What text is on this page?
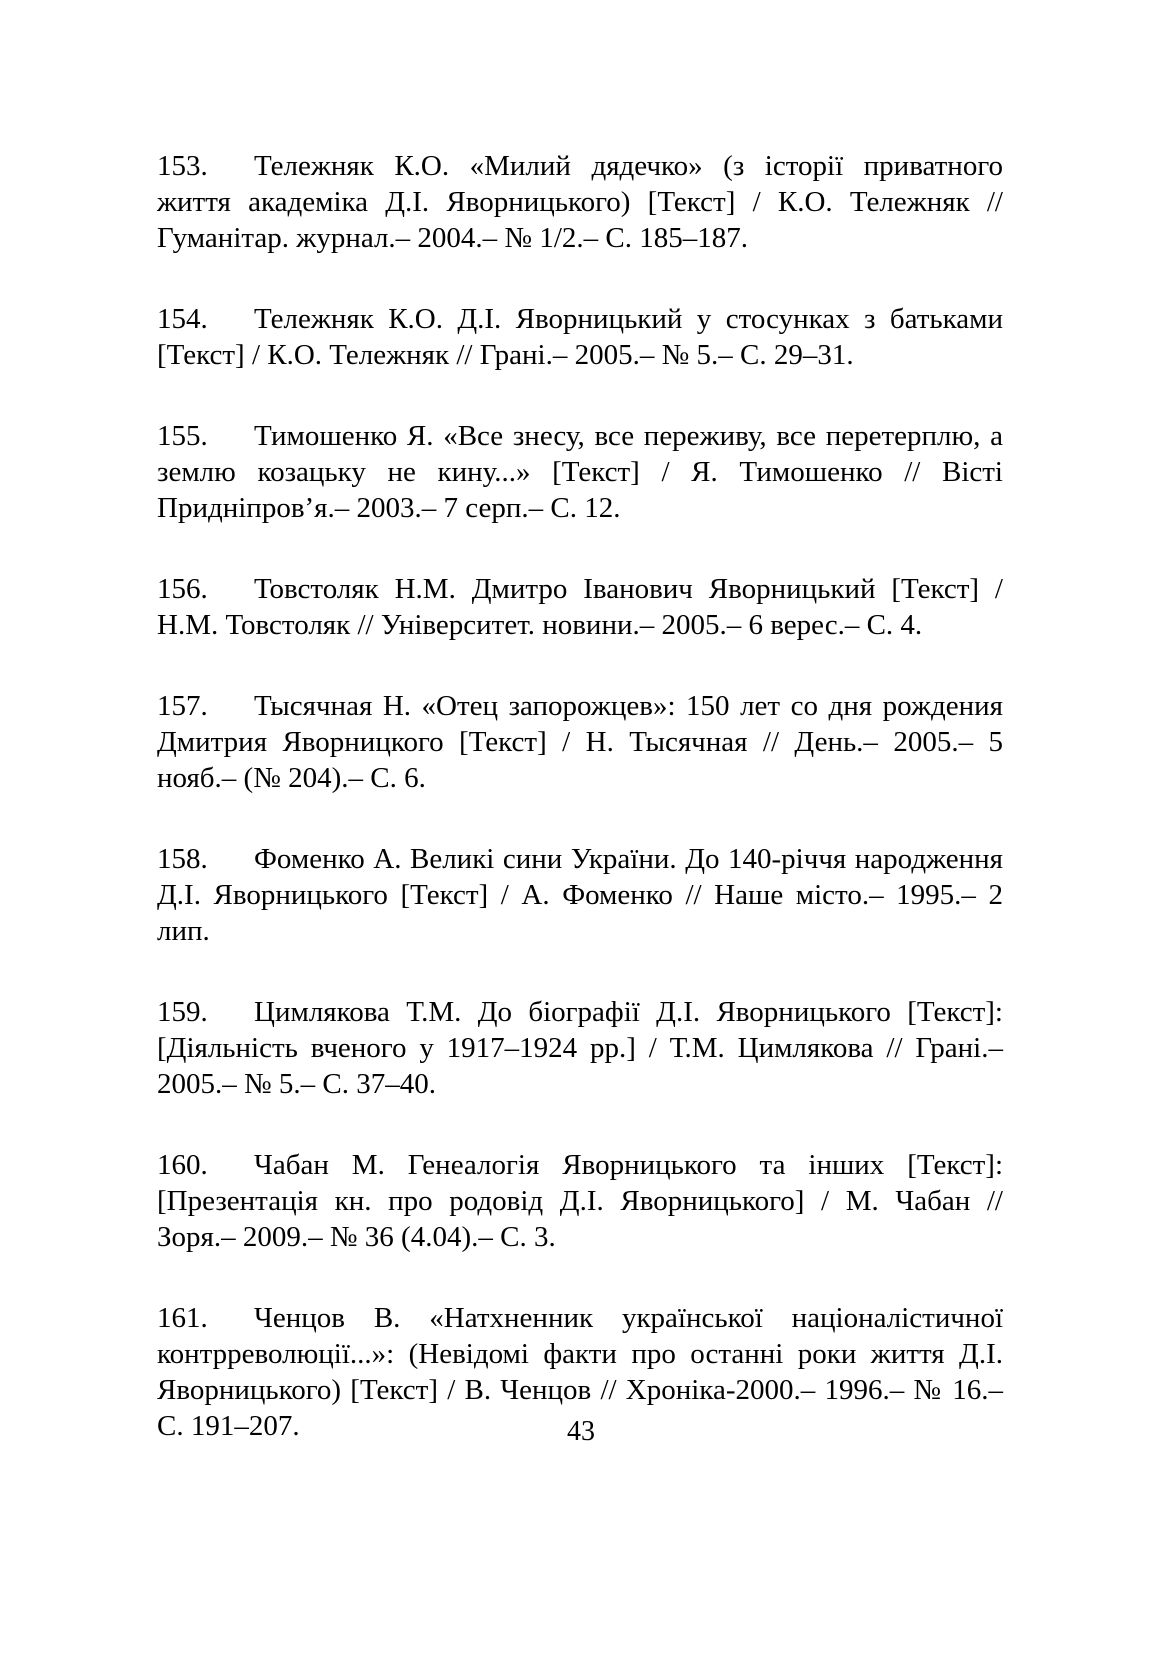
153. Тележняк К.О. «Милий дядечко» (з історії приватного життя академіка Д.І. Яворницького) [Текст] / К.О. Тележняк // Гуманітар. журнал.– 2004.– № 1/2.– С. 185–187.

154. Тележняк К.О. Д.І. Яворницький у стосунках з батьками [Текст] / К.О. Тележняк // Грані.– 2005.– № 5.– С. 29–31.

155. Тимошенко Я. «Все знесу, все переживу, все перетерплю, а землю козацьку не кину...» [Текст] / Я. Тимошенко // Вісті Придніпров’я.– 2003.– 7 серп.– С. 12.

156. Товстоляк Н.М. Дмитро Іванович Яворницький [Текст] / Н.М. Товстоляк // Університет. новини.– 2005.– 6 верес.– С. 4.

157. Тысячная Н. «Отец запорожцев»: 150 лет со дня рождения Дмитрия Яворницкого [Текст] / Н. Тысячная // День.– 2005.– 5 нояб.– (№ 204).– С. 6.

158. Фоменко А. Великі сини України. До 140-річчя народження Д.І. Яворницького [Текст] / А. Фоменко // Наше місто.– 1995.– 2 лип.

159. Цимлякова Т.М. До біографії Д.І. Яворницького [Текст]: [Діяльність вченого у 1917–1924 рр.] / Т.М. Цимлякова // Грані.– 2005.– № 5.– С. 37–40.

160. Чабан М. Генеалогія Яворницького та інших [Текст]: [Презентація кн. про родовід Д.І. Яворницького] / М. Чабан // Зоря.– 2009.– № 36 (4.04).– С. 3.

161. Ченцов В. «Натхненник української націоналістичної контрреволюції...»: (Невідомі факти про останні роки життя Д.І. Яворницького) [Текст] / В. Ченцов // Хроніка-2000.– 1996.– № 16.– С. 191–207.	43
